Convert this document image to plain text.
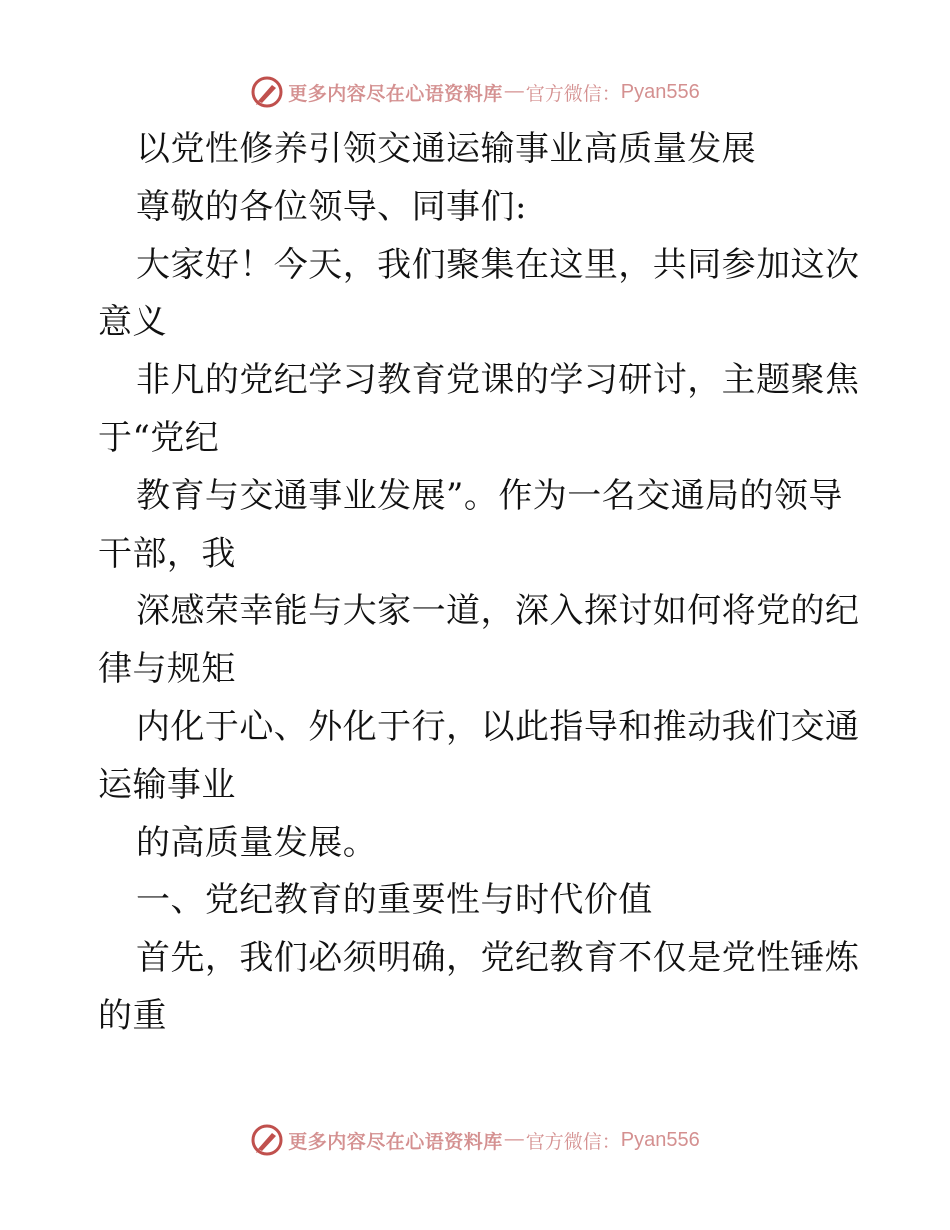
更多内容尽在心语资料库 — 官方微信： Pyan556
以党性修养引领交通运输事业高质量发展
尊敬的各位领导、同事们:
大家好！今天，我们聚集在这里，共同参加这次
意义
非凡的党纪学习教育党课的学习研讨，主题聚焦
于“党纪
教育与交通事业发展”。作为一名交通局的领导
干部，我
深感荣幸能与大家一道，深入探讨如何将党的纪
律与规矩
内化于心、外化于行，以此指导和推动我们交通
运输事业
的高质量发展。
一、党纪教育的重要性与时代价值
首先，我们必须明确，党纪教育不仅是党性锤炼
的重
更多内容尽在心语资料库 — 官方微信： Pyan556
